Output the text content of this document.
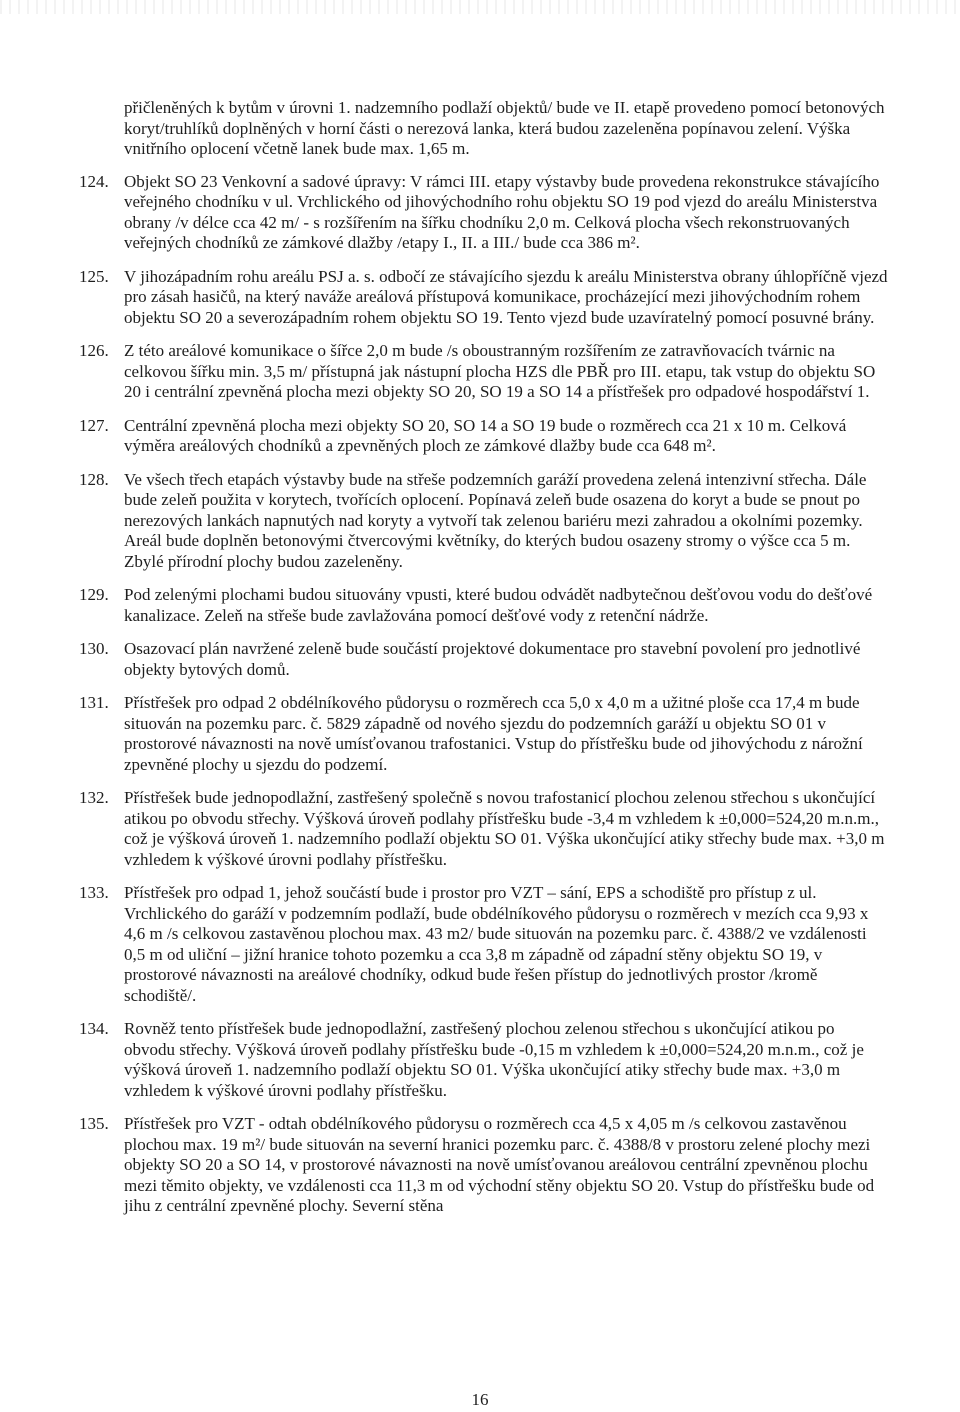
přičleněných k bytům v úrovni 1. nadzemního podlaží objektů/ bude ve II. etapě provedeno pomocí betonových koryt/truhlíků doplněných v horní části o nerezová lanka, která budou zazeleněna popínavou zelení. Výška vnitřního oplocení včetně lanek bude max. 1,65 m.

124. Objekt SO 23 Venkovní a sadové úpravy: V rámci III. etapy výstavby bude provedena rekonstrukce stávajícího veřejného chodníku v ul. Vrchlického od jihovýchodního rohu objektu SO 19 pod vjezd do areálu Ministerstva obrany /v délce cca 42 m/ - s rozšířením na šířku chodníku 2,0 m. Celková plocha všech rekonstruovaných veřejných chodníků ze zámkové dlažby /etapy I., II. a III./ bude cca 386 m².
125. V jihozápadním rohu areálu PSJ a. s. odbočí ze stávajícího sjezdu k areálu Ministerstva obrany úhlopříčně vjezd pro zásah hasičů, na který naváže areálová přístupová komunikace, procházející mezi jihovýchodním rohem objektu SO 20 a severozápadním rohem objektu SO 19. Tento vjezd bude uzavíratelný pomocí posuvné brány.
126. Z této areálové komunikace o šířce 2,0 m bude /s oboustranným rozšířením ze zatravňovacích tvárnic na celkovou šířku min. 3,5 m/ přístupná jak nástupní plocha HZS dle PBŘ pro III. etapu, tak vstup do objektu SO 20 i centrální zpevněná plocha mezi objekty SO 20, SO 19 a SO 14 a přístřešek pro odpadové hospodářství 1.
127. Centrální zpevněná plocha mezi objekty SO 20, SO 14 a SO 19 bude o rozměrech cca 21 x 10 m. Celková výměra areálových chodníků a zpevněných ploch ze zámkové dlažby bude cca 648 m².
128. Ve všech třech etapách výstavby bude na střeše podzemních garáží provedena zelená intenzivní střecha. Dále bude zeleň použita v korytech, tvořících oplocení. Popínavá zeleň bude osazena do koryt a bude se pnout po nerezových lankách napnutých nad koryty a vytvoří tak zelenou bariéru mezi zahradou a okolními pozemky. Areál bude doplněn betonovými čtvercovými květníky, do kterých budou osazeny stromy o výšce cca 5 m. Zbylé přírodní plochy budou zazeleněny.
129. Pod zelenými plochami budou situovány vpusti, které budou odvádět nadbytečnou dešťovou vodu do dešťové kanalizace. Zeleň na střeše bude zavlažována pomocí dešťové vody z retenční nádrže.
130. Osazovací plán navržené zeleně bude součástí projektové dokumentace pro stavební povolení pro jednotlivé objekty bytových domů.
131. Přístřešek pro odpad 2 obdélníkového půdorysu o rozměrech cca 5,0 x 4,0 m a užitné ploše cca 17,4 m bude situován na pozemku parc. č. 5829 západně od nového sjezdu do podzemních garáží u objektu SO 01 v prostorové návaznosti na nově umísťovanou trafostanici. Vstup do přístřešku bude od jihovýchodu z nárožní zpevněné plochy u sjezdu do podzemí.
132. Přístřešek bude jednopodlažní, zastřešený společně s novou trafostanicí plochou zelenou střechou s ukončující atikou po obvodu střechy. Výšková úroveň podlahy přístřešku bude -3,4 m vzhledem k ±0,000=524,20 m.n.m., což je výšková úroveň 1. nadzemního podlaží objektu SO 01. Výška ukončující atiky střechy bude max. +3,0 m vzhledem k výškové úrovni podlahy přístřešku.
133. Přístřešek pro odpad 1, jehož součástí bude i prostor pro VZT – sání, EPS a schodiště pro přístup z ul. Vrchlického do garáží v podzemním podlaží, bude obdélníkového půdorysu o rozměrech v mezích cca 9,93 x 4,6 m /s celkovou zastavěnou plochou max. 43 m2/ bude situován na pozemku parc. č. 4388/2 ve vzdálenosti 0,5 m od uliční – jižní hranice tohoto pozemku a cca 3,8 m západně od západní stěny objektu SO 19, v prostorové návaznosti na areálové chodníky, odkud bude řešen přístup do jednotlivých prostor /kromě schodiště/.
134. Rovněž tento přístřešek bude jednopodlažní, zastřešený plochou zelenou střechou s ukončující atikou po obvodu střechy. Výšková úroveň podlahy přístřešku bude -0,15 m vzhledem k ±0,000=524,20 m.n.m., což je výšková úroveň 1. nadzemního podlaží objektu SO 01. Výška ukončující atiky střechy bude max. +3,0 m vzhledem k výškové úrovni podlahy přístřešku.
135. Přístřešek pro VZT - odtah obdélníkového půdorysu o rozměrech cca 4,5 x 4,05 m /s celkovou zastavěnou plochou max. 19 m²/ bude situován na severní hranici pozemku parc. č. 4388/8 v prostoru zelené plochy mezi objekty SO 20 a SO 14, v prostorové návaznosti na nově umísťovanou areálovou centrální zpevněnou plochu mezi těmito objekty, ve vzdálenosti cca 11,3 m od východní stěny objektu SO 20. Vstup do přístřešku bude od jihu z centrální zpevněné plochy. Severní stěna
16
